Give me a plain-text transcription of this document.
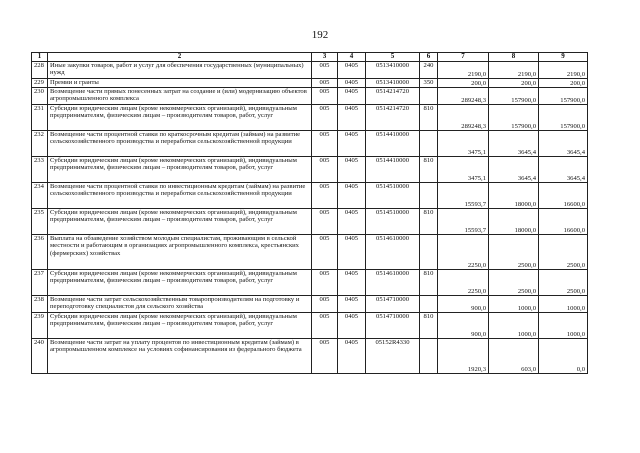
192
1	2	3	4	5	6	7	8	9
228	Иные закупки товаров, работ и услуг для обеспечения государственных (муниципальных) нужд	005	0405	0513410000	240	2190,0	2190,0	2190,0
229	Премии и гранты	005	0405	0513410000	350	200,0	200,0	200,0
230	Возмещение части прямых понесенных затрат на создание и (или) модернизацию объектов агропромышленного комплекса	005	0405	0514214720		289248,3	157900,0	157900,0
231	Субсидии юридическим лицам (кроме некоммерческих организаций), индивидуальным предпринимателям, физическим лицам – производителям товаров, работ, услуг	005	0405	0514214720	810	289248,3	157900,0	157900,0
232	Возмещение части процентной ставки по краткосрочным кредитам (займам) на развитие сельскохозяйственного производства и переработки сельскохозяйственной продукции	005	0405	0514410000		3475,1	3645,4	3645,4
233	Субсидии юридическим лицам (кроме некоммерческих организаций), индивидуальным предпринимателям, физическим лицам – производителям товаров, работ, услуг	005	0405	0514410000	810	3475,1	3645,4	3645,4
234	Возмещение части процентной ставки по инвестиционным кредитам (займам) на развитие сельскохозяйственного производства и переработки сельскохозяйственной продукции	005	0405	0514510000		15593,7	18000,0	16600,0
235	Субсидии юридическим лицам (кроме некоммерческих организаций), индивидуальным предпринимателям, физическим лицам – производителям товаров, работ, услуг	005	0405	0514510000	810	15593,7	18000,0	16600,0
236	Выплата на обзаведение хозяйством молодым специалистам, проживающим в сельской местности и работающим в организациях агропромышленного комплекса, крестьянских (фермерских) хозяйствах	005	0405	0514610000		2250,0	2500,0	2500,0
237	Субсидии юридическим лицам (кроме некоммерческих организаций), индивидуальным предпринимателям, физическим лицам – производителям товаров, работ, услуг	005	0405	0514610000	810	2250,0	2500,0	2500,0
238	Возмещение части затрат сельскохозяйственным товаропроизводителям на подготовку и переподготовку специалистов для сельского хозяйства	005	0405	0514710000		900,0	1000,0	1000,0
239	Субсидии юридическим лицам (кроме некоммерческих организаций), индивидуальным предпринимателям, физическим лицам – производителям товаров, работ, услуг	005	0405	0514710000	810	900,0	1000,0	1000,0
240	Возмещение части затрат на уплату процентов по инвестиционным кредитам (займам) в агропромышленном комплексе на условиях софинансирования из федерального бюджета	005	0405	05152R4330		1920,3	603,0	0,0
